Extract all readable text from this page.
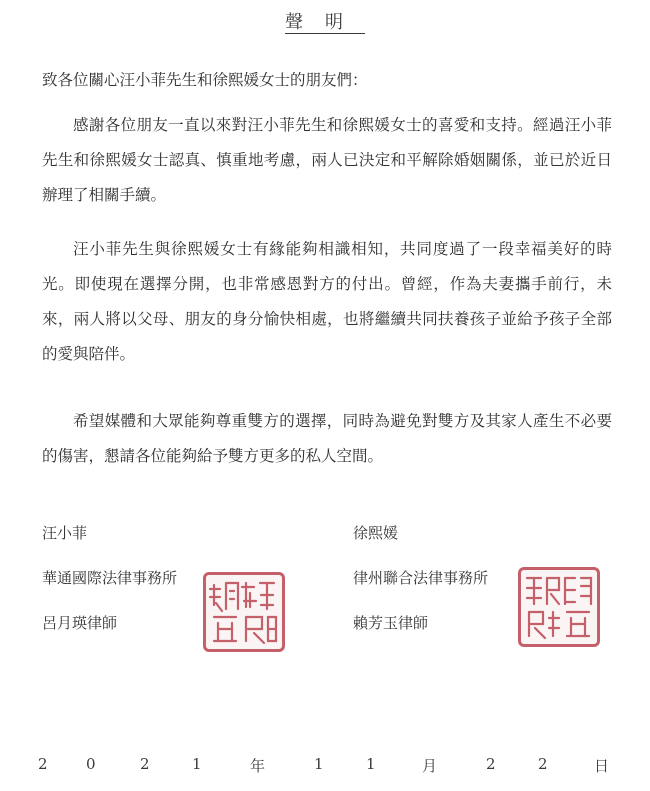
聲明
致各位關心汪小菲先生和徐熙媛女士的朋友們：
感謝各位朋友一直以來對汪小菲先生和徐熙媛女士的喜愛和支持。經過汪小菲先生和徐熙媛女士認真、慎重地考慮，兩人已決定和平解除婚姻關係，並已於近日辦理了相關手續。
汪小菲先生與徐熙媛女士有緣能夠相識相知，共同度過了一段幸福美好的時光。即使現在選擇分開，也非常感恩對方的付出。曾經，作為夫妻攜手前行，未來，兩人將以父母、朋友的身分愉快相處，也將繼續共同扶養孩子並給予孩子全部的愛與陪伴。
希望媒體和大眾能夠尊重雙方的選擇，同時為避免對雙方及其家人產生不必要的傷害，懇請各位能夠給予雙方更多的私人空間。
汪小菲
華通國際法律事務所
呂月瑛律師
徐熙媛
律州聯合法律事務所
賴芳玉律師
2	0	2	1	年	1	1	月	2	2	日
